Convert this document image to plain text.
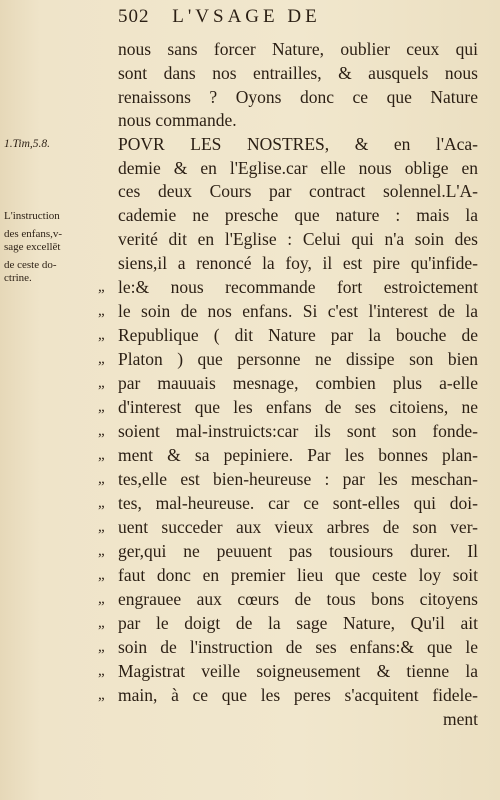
502 L'VSAGE DE
1.Tim,5.8.
L'instruction
des enfans,v-
sage excellēt
de ceste do-
ctrine.
nous sans forcer Nature, oublier ceux qui
sont dans nos entrailles, & ausquels nous
renaissons ? Oyons donc ce que Nature
nous commande.
POVR LES NOSTRES, & en l'Aca-
demie & en l'Eglise.car elle nous oblige en
ces deux Cours par contract solennel.L'A-
cademie ne presche que nature : mais la
verité dit en l'Eglise : Celui qui n'a soin des
siens,il a renoncé la foy, il est pire qu'infide-
le:& nous recommande fort estroictement
le soin de nos enfans. Si c'est l'interest de la
Republique ( dit Nature par la bouche de
Platon ) que personne ne dissipe son bien
par mauuais mesnage, combien plus a-elle
d'interest que les enfans de ses citoiens, ne
soient mal-instruicts:car ils sont son fonde-
ment & sa pepiniere. Par les bonnes plan-
tes,elle est bien-heureuse : par les meschan-
tes, mal-heureuse. car ce sont-elles qui doi-
uent succeder aux vieux arbres de son ver-
ger,qui ne peuuent pas tousiours durer. Il
faut donc en premier lieu que ceste loy soit
engrauee aux cœurs de tous bons citoyens
par le doigt de la sage Nature, Qu'il ait
soin de l'instruction de ses enfans:& que le
Magistrat veille soigneusement & tienne la
main, à ce que les peres s'acquitent fidele-
ment
„
„
„
„
„
„
„
„
„
„
„
„
„
„
„
„
„
„
